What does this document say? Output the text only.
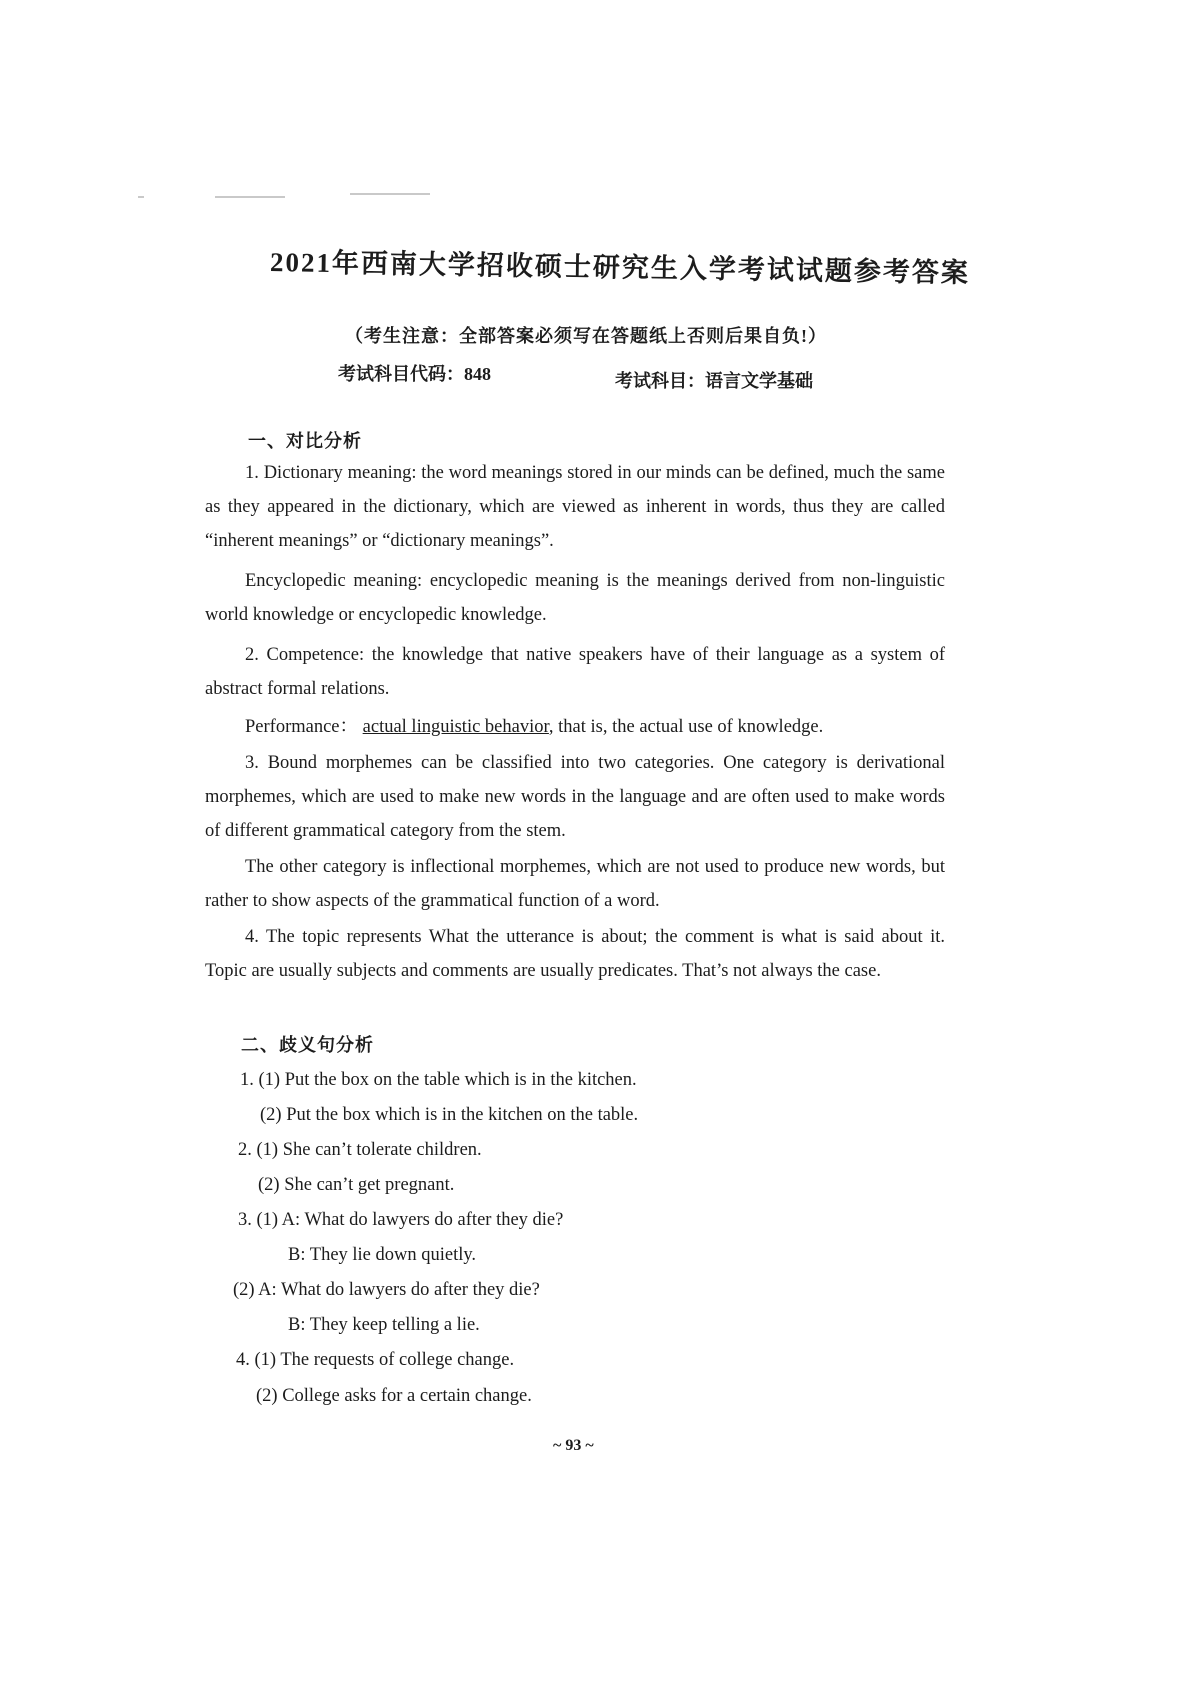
2021年西南大学招收硕士研究生入学考试试题参考答案
（考生注意：全部答案必须写在答题纸上否则后果自负!）
考试科目代码：848	考试科目：语言文学基础
一、对比分析

1. Dictionary meaning: the word meanings stored in our minds can be defined, much the same as they appeared in the dictionary, which are viewed as inherent in words, thus they are called “inherent meanings” or “dictionary meanings”.

Encyclopedic meaning: encyclopedic meaning is the meanings derived from non-linguistic world knowledge or encyclopedic knowledge.

2. Competence: the knowledge that native speakers have of their language as a system of abstract formal relations.

Performance： actual linguistic behavior, that is, the actual use of knowledge.

3. Bound morphemes can be classified into two categories. One category is derivational morphemes, which are used to make new words in the language and are often used to make words of different grammatical category from the stem.

The other category is inflectional morphemes, which are not used to produce new words, but rather to show aspects of the grammatical function of a word.

4. The topic represents What the utterance is about; the comment is what is said about it. Topic are usually subjects and comments are usually predicates. That’s not always the case.

二、歧义句分析
1. (1) Put the box on the table which is in the kitchen.
(2) Put the box which is in the kitchen on the table.
2. (1) She can’t tolerate children.
(2) She can’t get pregnant.
3. (1) A: What do lawyers do after they die?
B: They lie down quietly.
(2) A: What do lawyers do after they die?
B: They keep telling a lie.
4. (1) The requests of college change.
(2) College asks for a certain change.
~ 93 ~
